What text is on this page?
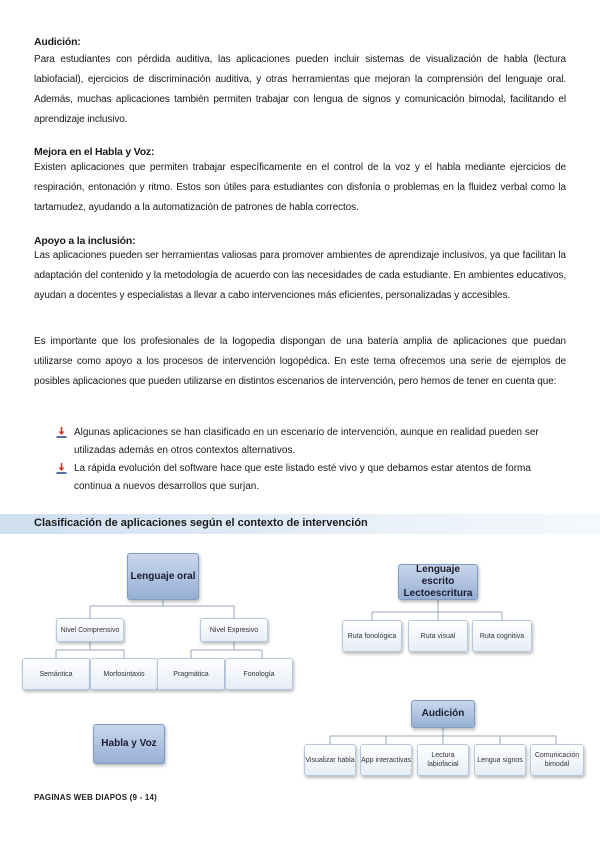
Audición:
Para estudiantes con pérdida auditiva, las aplicaciones pueden incluir sistemas de visualización de habla (lectura labiofacial), ejercicios de discriminación auditiva, y otras herramientas que mejoran la comprensión del lenguaje oral. Además, muchas aplicaciones también permiten trabajar con lengua de signos y comunicación bimodal, facilitando el aprendizaje inclusivo.
Mejora en el Habla y Voz:
Existen aplicaciones que permiten trabajar específicamente en el control de la voz y el habla mediante ejercicios de respiración, entonación y ritmo. Estos son útiles para estudiantes con disfonía o problemas en la fluidez verbal como la tartamudez, ayudando a la automatización de patrones de habla correctos.
Apoyo a la inclusión:
Las aplicaciones pueden ser herramientas valiosas para promover ambientes de aprendizaje inclusivos, ya que facilitan la adaptación del contenido y la metodología de acuerdo con las necesidades de cada estudiante. En ambientes educativos, ayudan a docentes y especialistas a llevar a cabo intervenciones más eficientes, personalizadas y accesibles.
Es importante que los profesionales de la logopedia dispongan de una batería amplia de aplicaciones que puedan utilizarse como apoyo a los procesos de intervención logopédica. En este tema ofrecemos una serie de ejemplos de posibles aplicaciones que pueden utilizarse en distintos escenarios de intervención, pero hemos de tener en cuenta que:
Algunas aplicaciones se han clasificado en un escenario de intervención, aunque en realidad pueden ser utilizadas además en otros contextos alternativos.
La rápida evolución del software hace que este listado esté vivo y que debamos estar atentos de forma continua a nuevos desarrollos que surjan.
Clasificación de aplicaciones según el contexto de intervención
Lenguaje oral
Nivel Comprensivo	Nivel Expresivo
Semántica	Morfosintaxis	Pragmática	Fonología
Lenguaje escrito Lectoescritura
Ruta fonológica	Ruta visual	Ruta cognitiva
Habla y Voz
Audición
Visualizar habla App interactivas
Lectura labiofacial
Lengua signos
Comunicación bimodal
PAGINAS WEB DIAPOS (9 - 14)
